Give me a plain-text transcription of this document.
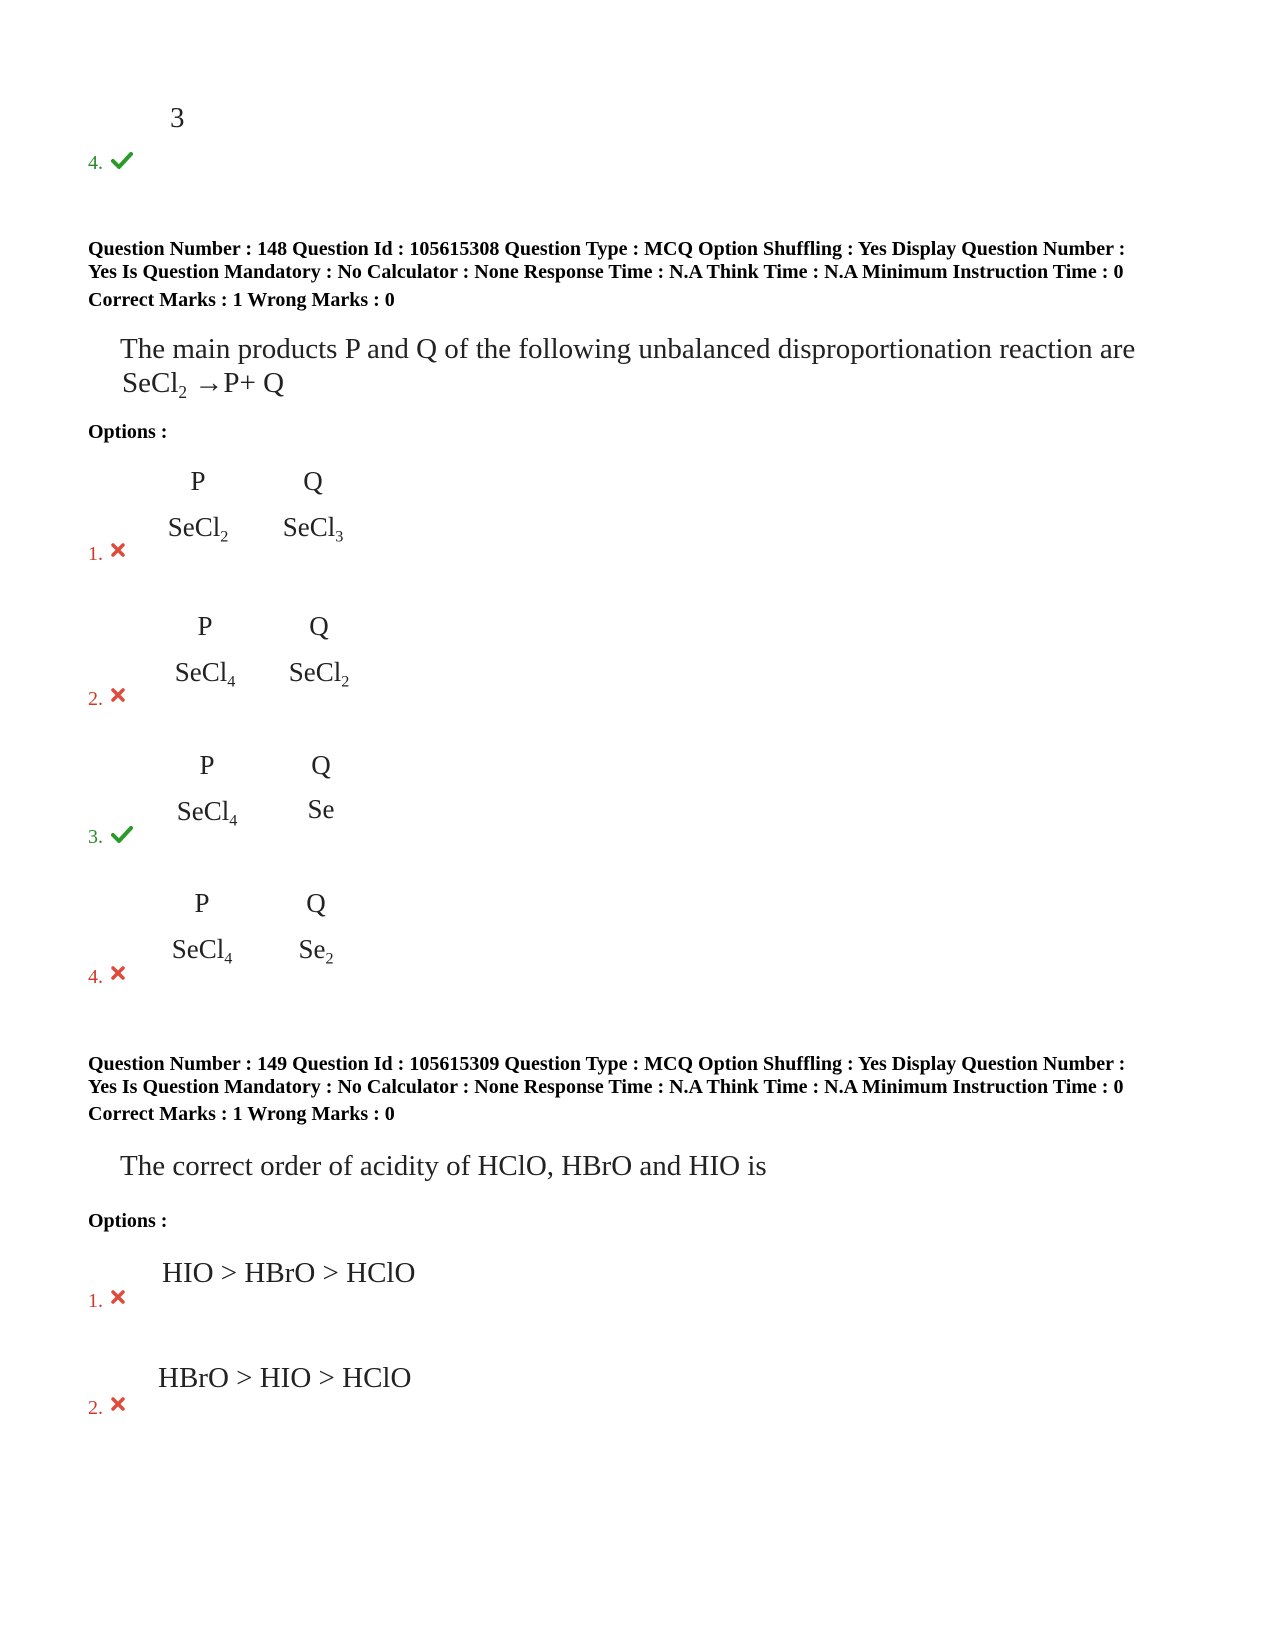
3
4.
Question Number : 148 Question Id : 105615308 Question Type : MCQ Option Shuffling : Yes Display Question Number :
Yes Is Question Mandatory : No Calculator : None Response Time : N.A Think Time : N.A Minimum Instruction Time : 0
Correct Marks : 1 Wrong Marks : 0
The main products P and Q of the following unbalanced disproportionation reaction are
SeCl$_2$ →P+ Q
Options :
P	Q
SeCl$_2$	SeCl$_3$
1.
P	Q
SeCl$_4$	SeCl$_2$
2.
P	Q
SeCl$_4$	Se
3.
P	Q
SeCl$_4$	$Se_2$
4.
Question Number : 149 Question Id : 105615309 Question Type : MCQ Option Shuffling : Yes Display Question Number :
Yes Is Question Mandatory : No Calculator : None Response Time : N.A Think Time : N.A Minimum Instruction Time : 0
Correct Marks : 1 Wrong Marks : 0
The correct order of acidity of HClO, HBrO and HIO is
Options :
HIO > HBrO > HClO
1.
HBrO > HIO > HClO
2.
